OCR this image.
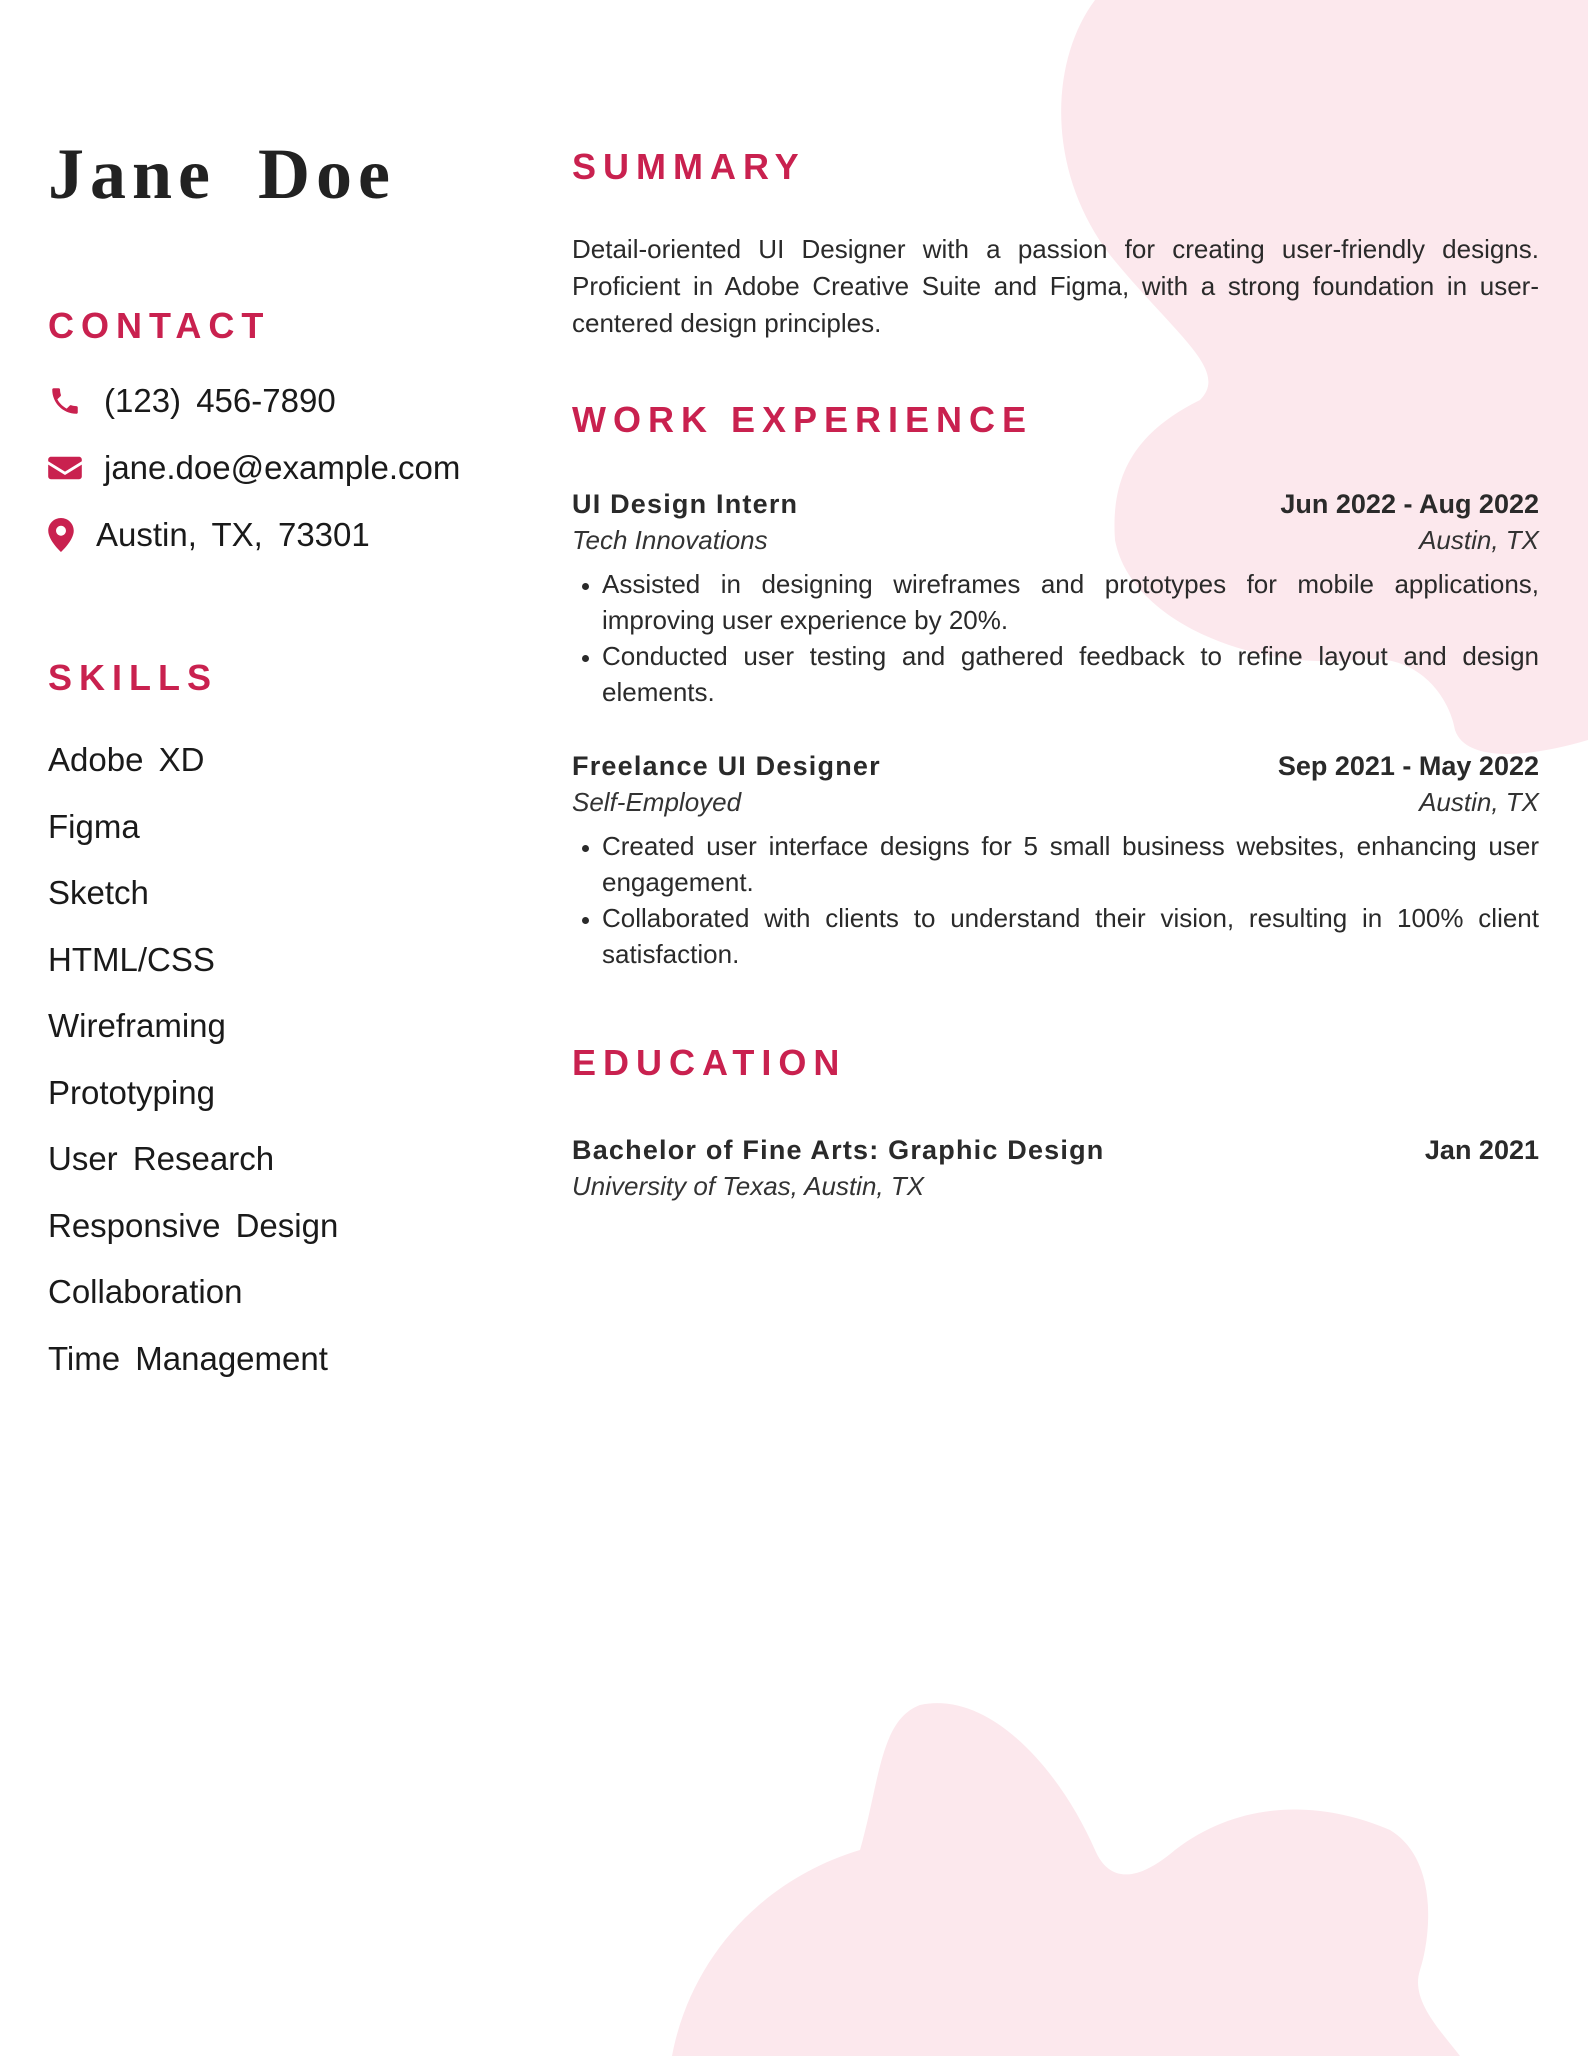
Jane Doe
CONTACT
(123) 456-7890
jane.doe@example.com
Austin, TX, 73301
SKILLS
Adobe XD
Figma
Sketch
HTML/CSS
Wireframing
Prototyping
User Research
Responsive Design
Collaboration
Time Management
SUMMARY

Detail-oriented UI Designer with a passion for creating user-friendly designs. Proficient in Adobe Creative Suite and Figma, with a strong foundation in user-centered design principles.

WORK EXPERIENCE
UI Design Intern	Jun 2022 - Aug 2022
Tech Innovations	Austin, TX
• Assisted in designing wireframes and prototypes for mobile applications, improving user experience by 20%.
• Conducted user testing and gathered feedback to refine layout and design elements.
Freelance UI Designer	Sep 2021 - May 2022
Self-Employed	Austin, TX
• Created user interface designs for 5 small business websites, enhancing user engagement.
• Collaborated with clients to understand their vision, resulting in 100% client satisfaction.
EDUCATION
Bachelor of Fine Arts: Graphic Design	Jan 2021
University of Texas, Austin, TX
